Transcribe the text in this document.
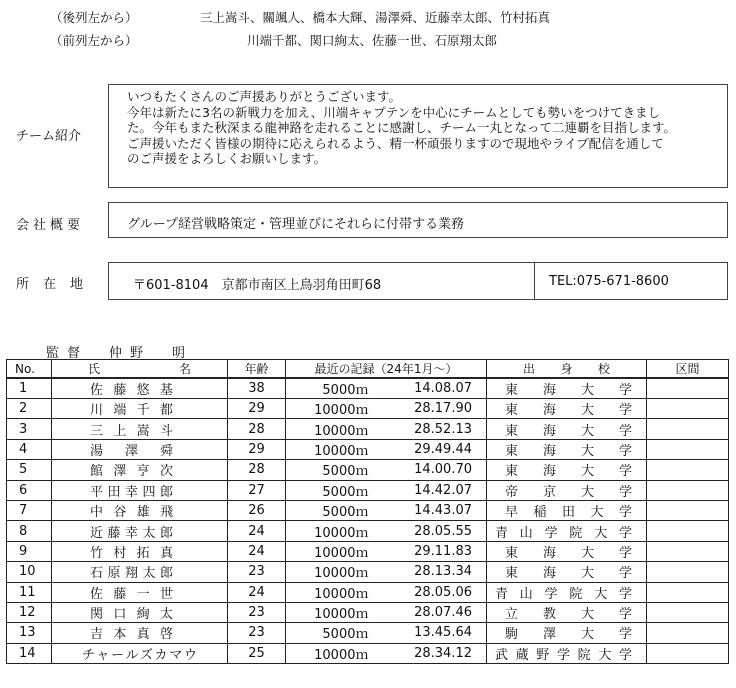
（後列左から）	三上嵩斗、關颯人、橋本大輝、湯澤舜、近藤幸太郎、竹村拓真
（前列左から）	川端千都、関口絢太、佐藤一世、石原翔太郎
チーム紹介
いつもたくさんのご声援ありがとうございます。
今年は新たに3名の新戦力を加え、川端キャプテンを中心にチームとしても勢いをつけてきまし
た。今年もまた秋深まる龍神路を走れることに感謝し、チーム一丸となって二連覇を目指します。
ご声援いただく皆様の期待に応えられるよう、精一杯頑張りますので現地やライブ配信を通して
のご声援をよろしくお願いします。
会社概要	グループ経営戦略策定・管理並びにそれらに付帯する業務
所在地	〒601-8104　京都市南区上鳥羽角田町68	TEL:075-671-8600
監督　仲野　明
No.	氏名	年齢	最近の記録（24年1月～）		出身校	区間
1	佐藤悠基	38	5000ｍ	14.08.07	東海大学	
2	川端千都	29	10000ｍ	28.17.90	東海大学	
3	三上嵩斗	28	10000ｍ	28.52.13	東海大学	
4	湯澤舜	29	10000ｍ	29.49.44	東海大学	
5	館澤亨次	28	5000ｍ	14.00.70	東海大学	
6	平田幸四郎	27	5000ｍ	14.42.07	帝京大学	
7	中谷雄飛	26	5000ｍ	14.43.07	早稲田大学	
8	近藤幸太郎	24	10000ｍ	28.05.55	青山学院大学	
9	竹村拓真	24	10000ｍ	29.11.83	東海大学	
10	石原翔太郎	23	10000ｍ	28.13.34	東海大学	
11	佐藤一世	24	10000ｍ	28.05.06	青山学院大学	
12	関口絢太	23	10000ｍ	28.07.46	立教大学	
13	吉本真啓	23	5000ｍ	13.45.64	駒澤大学	
14	チャールズカマウ	25	10000ｍ	28.34.12	武蔵野学院大学	
